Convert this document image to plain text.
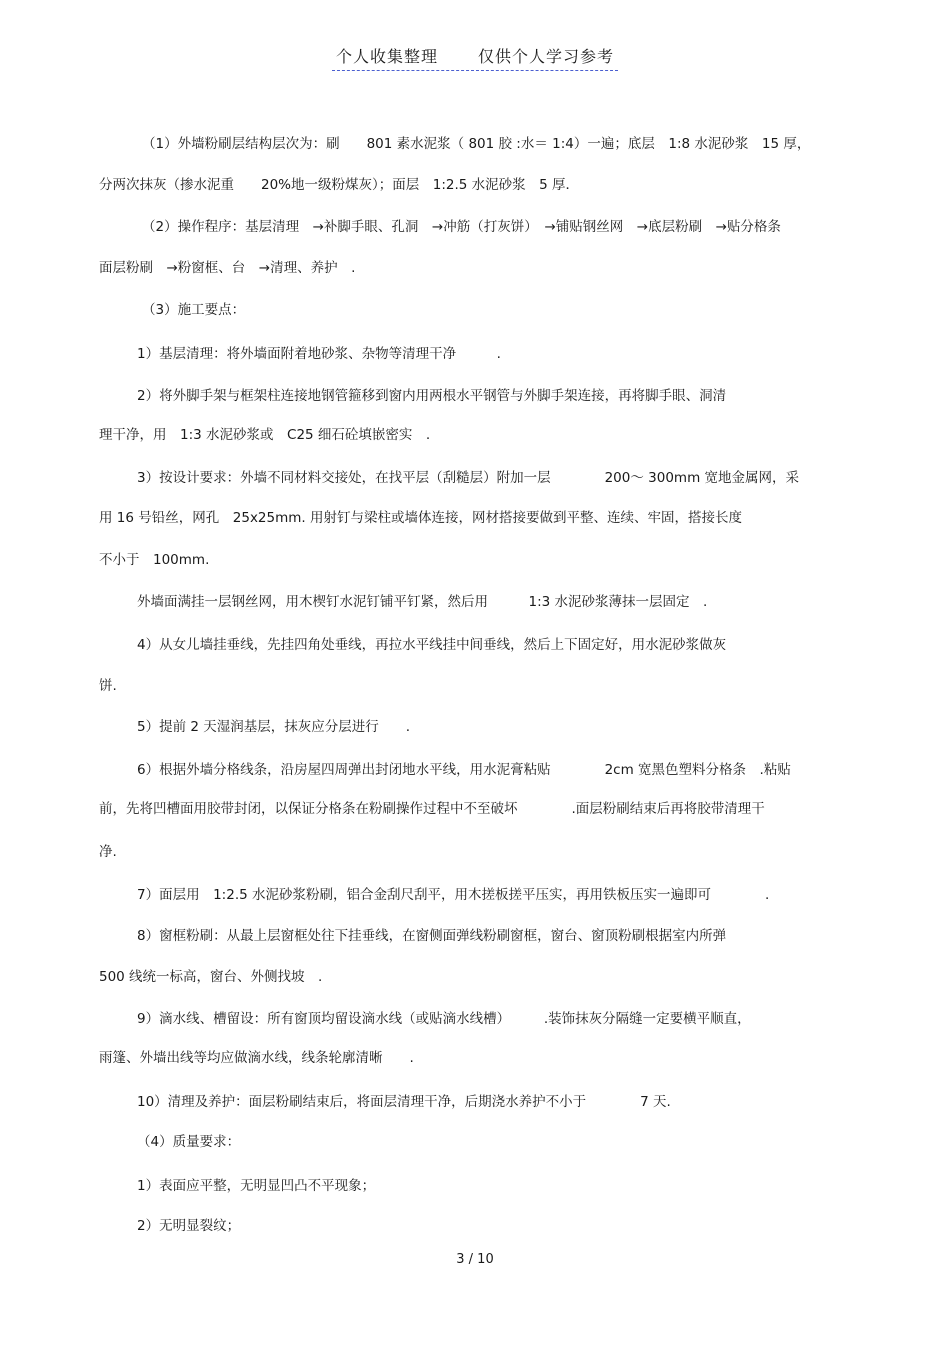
个人收集整理	仅供个人学习参考
（1）外墙粉刷层结构层次为：刷　　801 素水泥浆（ 801 胶 :水＝ 1:4）一遍；底层　1:8 水泥砂浆　15 厚，
分两次抹灰（掺水泥重　　20%地一级粉煤灰）；面层　1:2.5 水泥砂浆　5 厚．
（2）操作程序：基层清理　→补脚手眼、孔洞　→冲筋（打灰饼）　→铺贴钢丝网　→底层粉刷　→贴分格条
面层粉刷　→粉窗框、台　→清理、养护　.
（3）施工要点：
1）基层清理：将外墙面附着地砂浆、杂物等清理干净　　　.
2）将外脚手架与框架柱连接地钢管箍移到窗内用两根水平钢管与外脚手架连接，再将脚手眼、洞清
理干净，用　1:3 水泥砂浆或　C25 细石砼填嵌密实　.
3）按设计要求：外墙不同材料交接处，在找平层（刮糙层）附加一层　　　　200～ 300mm 宽地金属网，采
用 16 号铅丝，网孔　25x25mm. 用射钉与梁柱或墙体连接，网材搭接要做到平整、连续、牢固，搭接长度
不小于　100mm.
外墙面满挂一层钢丝网，用木楔钉水泥钉铺平钉紧，然后用　　　1:3 水泥砂浆薄抹一层固定　.
4）从女儿墙挂垂线，先挂四角处垂线，再拉水平线挂中间垂线，然后上下固定好，用水泥砂浆做灰
饼.
5）提前 2 天湿润基层，抹灰应分层进行　　.
6）根据外墙分格线条，沿房屋四周弹出封闭地水平线，用水泥膏粘贴　　　　2cm 宽黑色塑料分格条　.粘贴
前，先将凹槽面用胶带封闭，以保证分格条在粉刷操作过程中不至破坏　　　　.面层粉刷结束后再将胶带清理干
净.
7）面层用　1:2.5 水泥砂浆粉刷，铝合金刮尺刮平，用木搓板搓平压实，再用铁板压实一遍即可　　　　.
8）窗框粉刷：从最上层窗框处往下挂垂线，在窗侧面弹线粉刷窗框，窗台、窗顶粉刷根据室内所弹
500 线统一标高，窗台、外侧找坡　.
9）滴水线、槽留设：所有窗顶均留设滴水线（或贴滴水线槽）　　　.装饰抹灰分隔缝一定要横平顺直，
雨篷、外墙出线等均应做滴水线，线条轮廓清晰　　.
10）清理及养护：面层粉刷结束后，将面层清理干净，后期浇水养护不小于　　　　7 天.
（4）质量要求：
1）表面应平整，无明显凹凸不平现象；
2）无明显裂纹；
3 / 10
